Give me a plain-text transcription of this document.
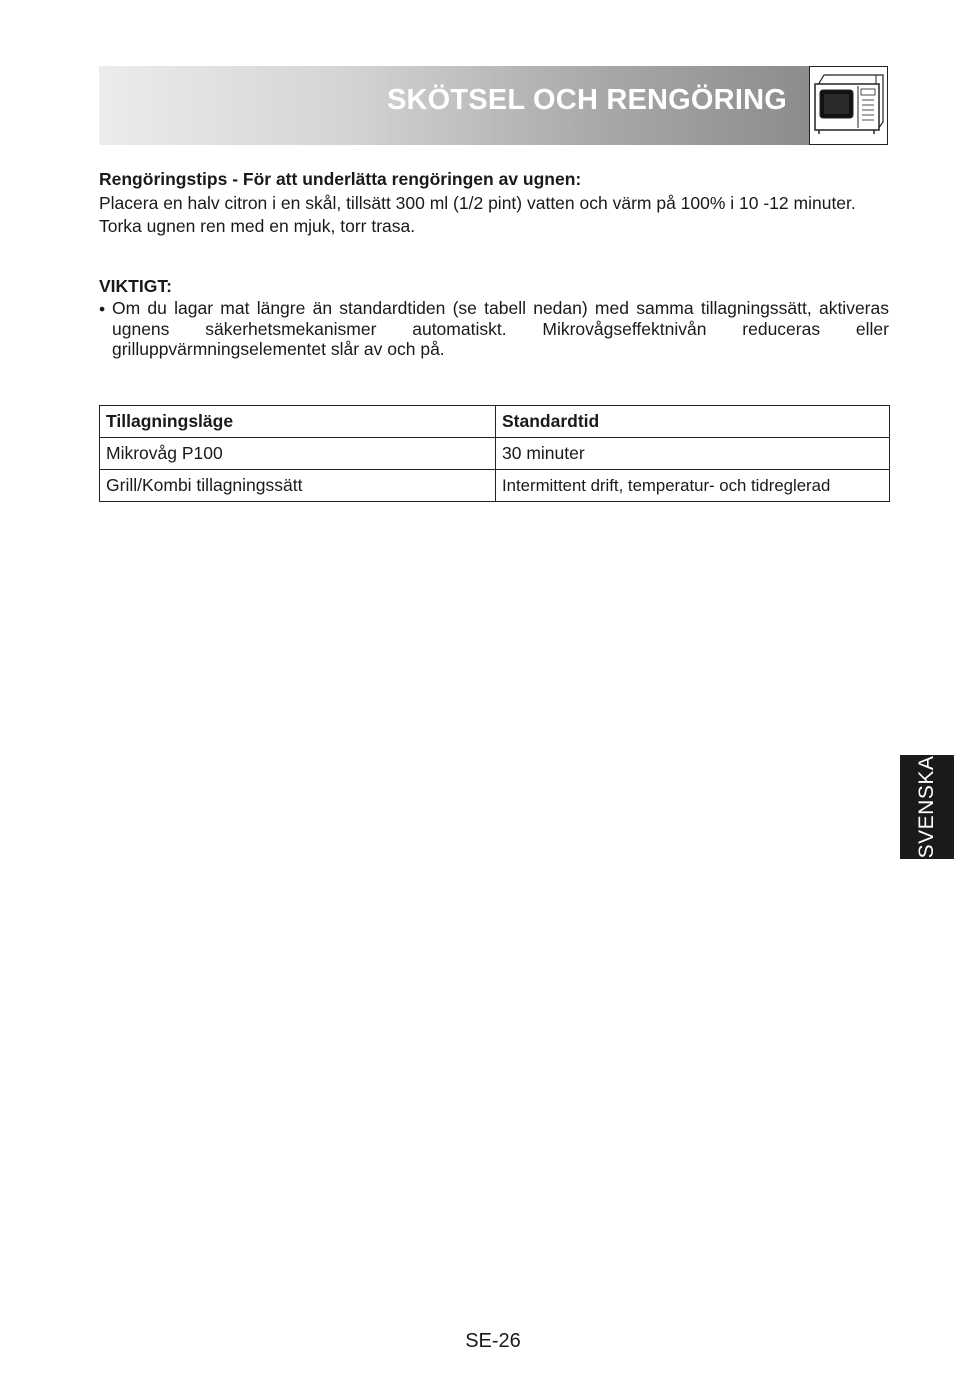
SKÖTSEL OCH RENGÖRING

Rengöringstips - För att underlätta rengöringen av ugnen:

Placera en halv citron i en skål, tillsätt 300 ml (1/2 pint) vatten och värm på 100% i 10 -12 minuter.

Torka ugnen ren med en mjuk, torr trasa.

VIKTIGT:

• Om du lagar mat längre än standardtiden (se tabell nedan) med samma tillagningssätt, aktiveras ugnens säkerhetsmekanismer automatiskt. Mikrovågseffektnivån reduceras eller grilluppvärmningselementet slår av och på.
Tillagningsläge	Standardtid
Mikrovåg P100	30 minuter
Grill/Kombi tillagningssätt	Intermittent drift, temperatur- och tidreglerad
SVENSKA
SE-26
